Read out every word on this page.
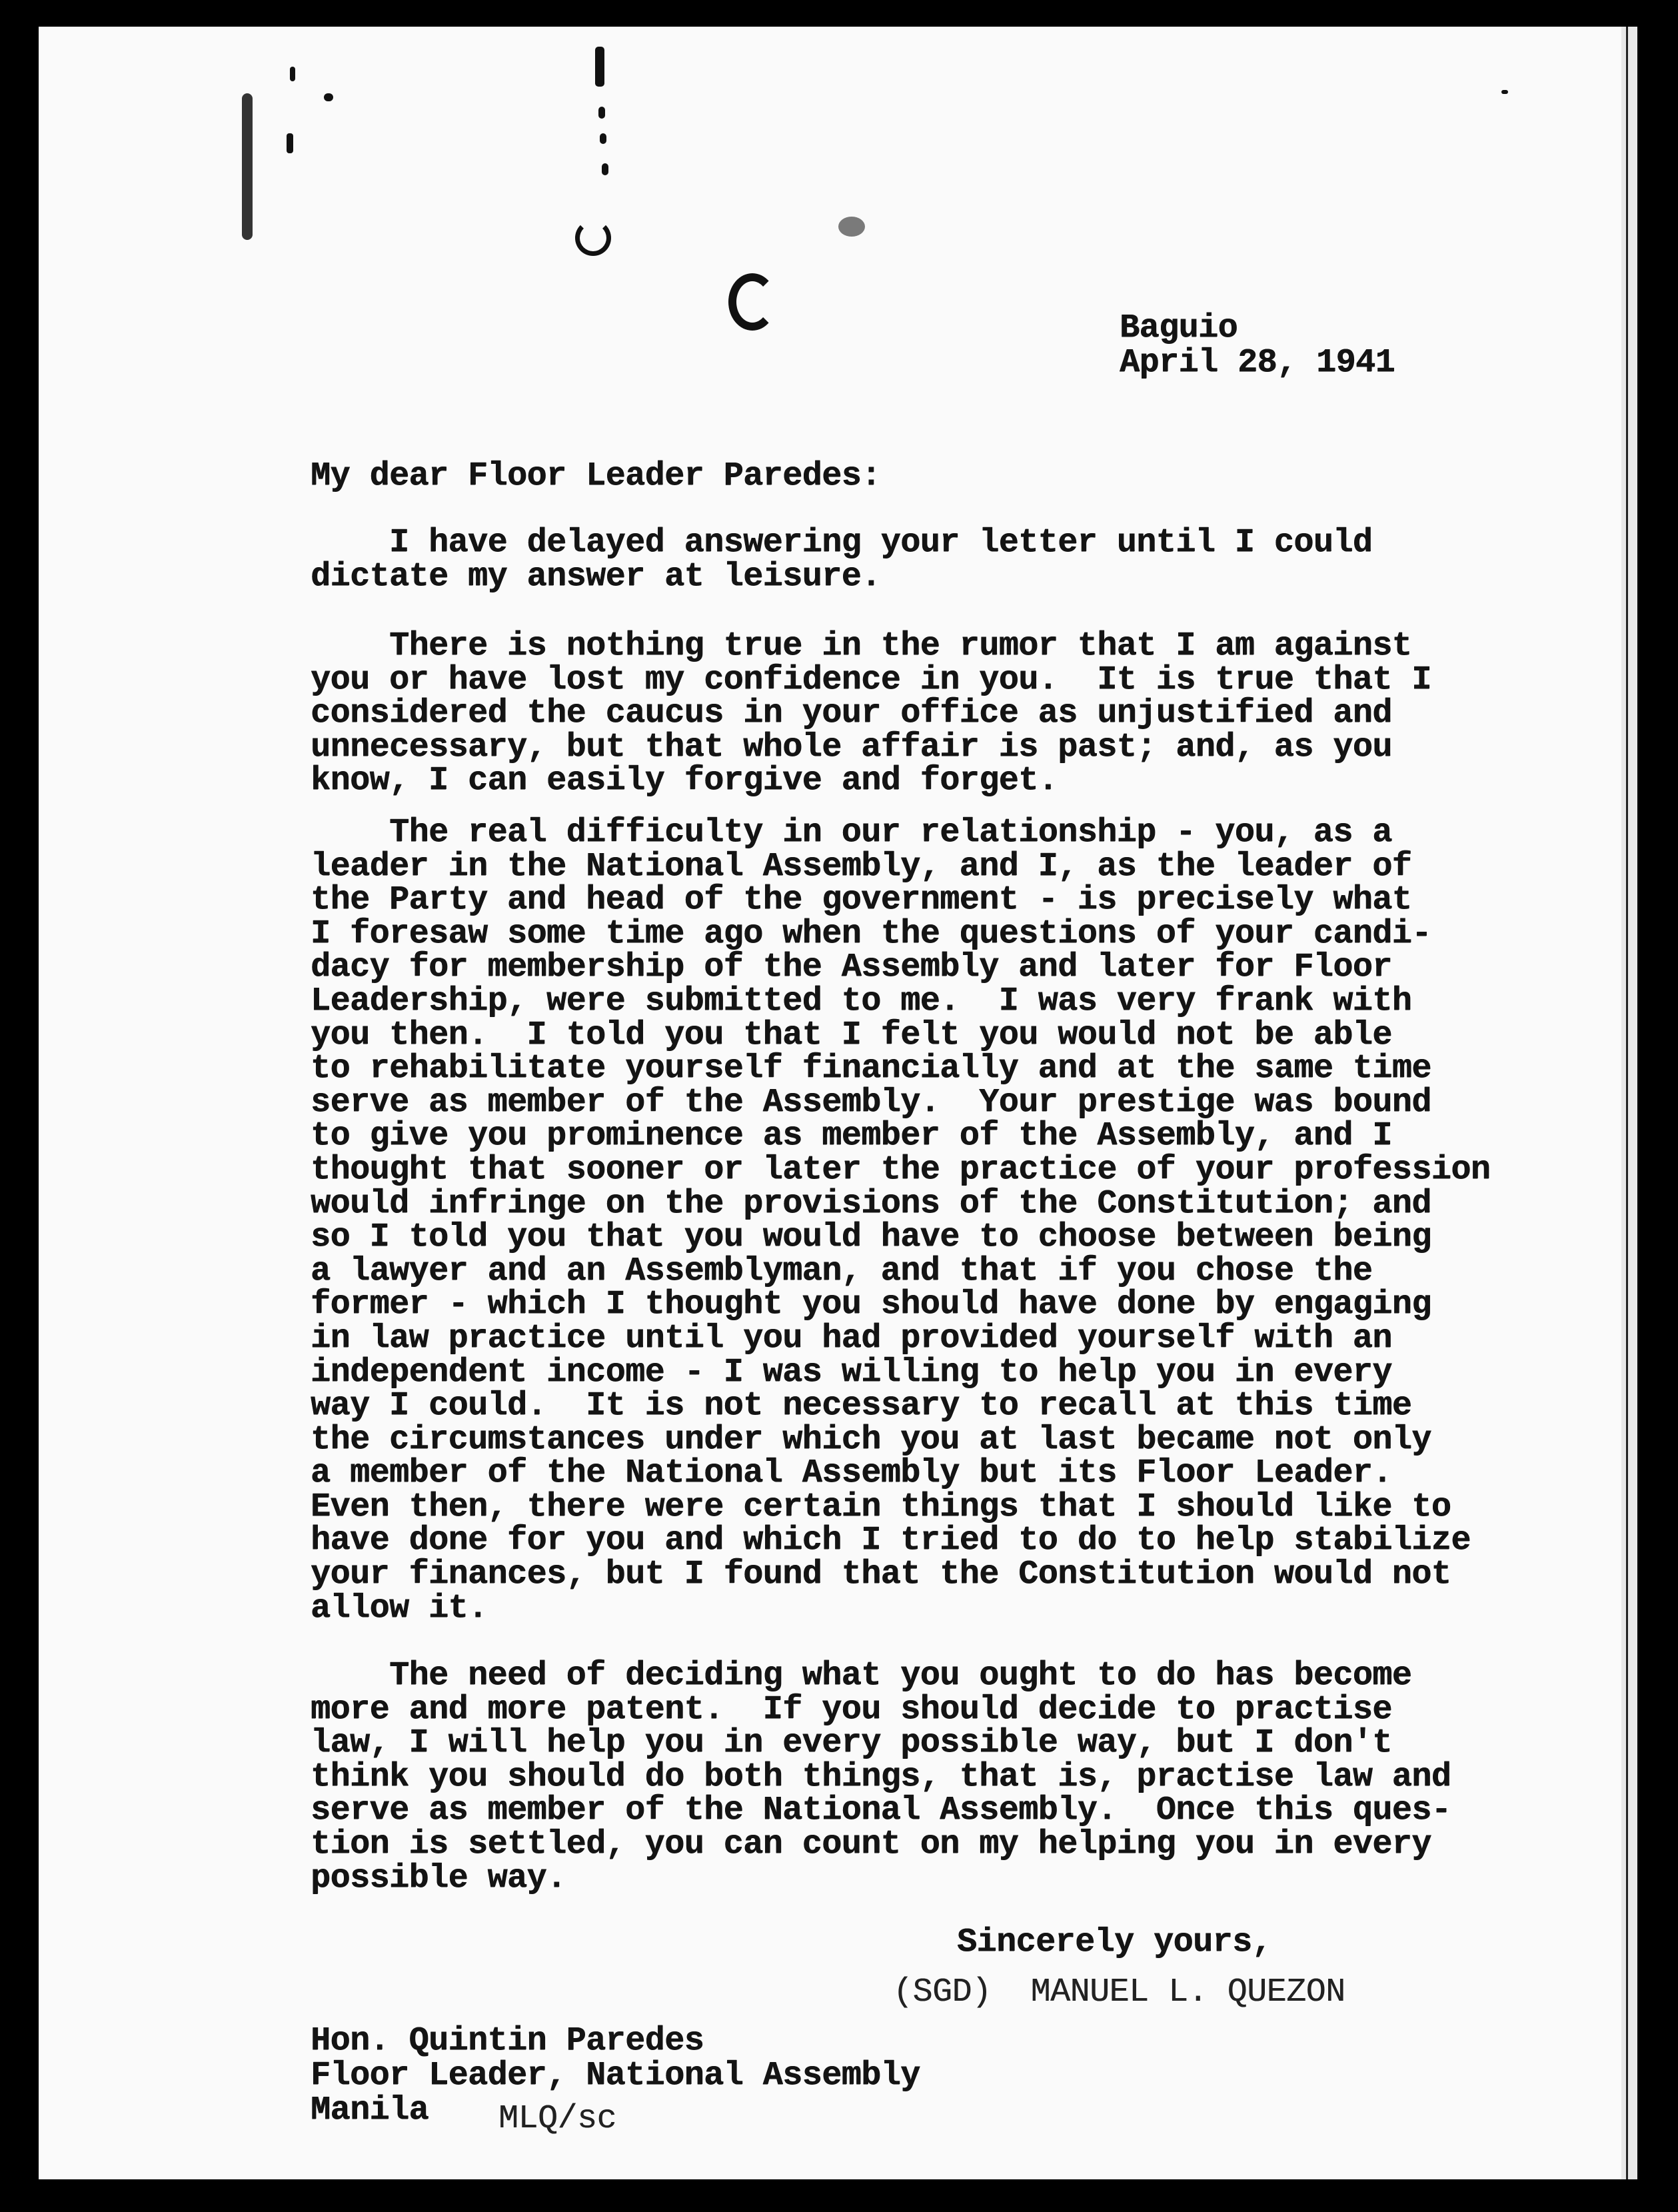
Baguio

April 28, 1941

My dear Floor Leader Paredes:

I have delayed answering your letter until I could
dictate my answer at leisure.

There is nothing true in the rumor that I am against
you or have lost my confidence in you.  It is true that I
considered the caucus in your office as unjustified and
unnecessary, but that whole affair is past; and, as you
know, I can easily forgive and forget.

The real difficulty in our relationship - you, as a
leader in the National Assembly, and I, as the leader of
the Party and head of the government - is precisely what
I foresaw some time ago when the questions of your candi-
dacy for membership of the Assembly and later for Floor
Leadership, were submitted to me.  I was very frank with
you then.  I told you that I felt you would not be able
to rehabilitate yourself financially and at the same time
serve as member of the Assembly.  Your prestige was bound
to give you prominence as member of the Assembly, and I
thought that sooner or later the practice of your profession
would infringe on the provisions of the Constitution; and
so I told you that you would have to choose between being
a lawyer and an Assemblyman, and that if you chose the
former - which I thought you should have done by engaging
in law practice until you had provided yourself with an
independent income - I was willing to help you in every
way I could.  It is not necessary to recall at this time
the circumstances under which you at last became not only
a member of the National Assembly but its Floor Leader.
Even then, there were certain things that I should like to
have done for you and which I tried to do to help stabilize
your finances, but I found that the Constitution would not
allow it.

The need of deciding what you ought to do has become
more and more patent.  If you should decide to practise
law, I will help you in every possible way, but I don't
think you should do both things, that is, practise law and
serve as member of the National Assembly.  Once this ques-
tion is settled, you can count on my helping you in every
possible way.

Sincerely yours,

(SGD)  MANUEL L. QUEZON

Hon. Quintin Paredes

Floor Leader, National Assembly

Manila MLQ/sc
